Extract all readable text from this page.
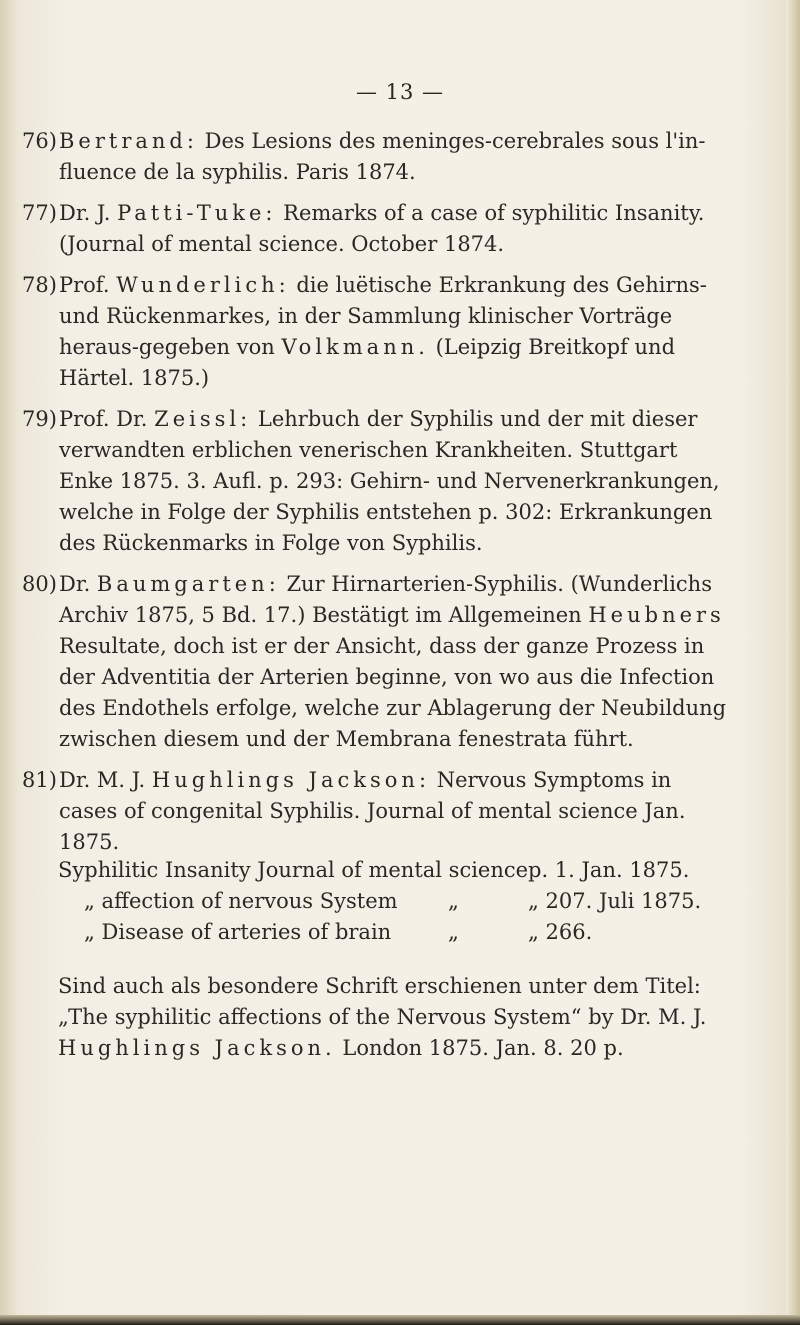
— 13 —
76) Bertrand: Des Lesions des meninges-cerebrales sous l'in-fluence de la syphilis. Paris 1874.
77) Dr. J. Patti-Tuke: Remarks of a case of syphilitic Insanity. (Journal of mental science. October 1874.
78) Prof. Wunderlich: die luëtische Erkrankung des Gehirns- und Rückenmarkes, in der Sammlung klinischer Vorträge heraus-gegeben von Volkmann. (Leipzig Breitkopf und Härtel. 1875.)
79) Prof. Dr. Zeissl: Lehrbuch der Syphilis und der mit dieser verwandten erblichen venerischen Krankheiten. Stuttgart Enke 1875. 3. Aufl. p. 293: Gehirn- und Nervenerkrankungen, welche in Folge der Syphilis entstehen p. 302: Erkrankungen des Rückenmarks in Folge von Syphilis.
80) Dr. Baumgarten: Zur Hirnarterien-Syphilis. (Wunderlichs Archiv 1875, 5 Bd. 17.) Bestätigt im Allgemeinen Heubners Resultate, doch ist er der Ansicht, dass der ganze Prozess in der Adventitia der Arterien beginne, von wo aus die Infection des Endothels erfolge, welche zur Ablagerung der Neubildung zwischen diesem und der Membrana fenestrata führt.
81) Dr. M. J. Hughlings Jackson: Nervous Symptoms in cases of congenital Syphilis. Journal of mental science Jan. 1875.
Syphilitic Insanity Journal of mental science p. 1. Jan. 1875.
„ affection of nervous System	„	„ 207. Juli 1875.
„ Disease of arteries of brain	„	„ 266.
Sind auch als besondere Schrift erschienen unter dem Titel: „The syphilitic affections of the Nervous System“ by Dr. M. J. Hughlings Jackson. London 1875. Jan. 8. 20 p.
